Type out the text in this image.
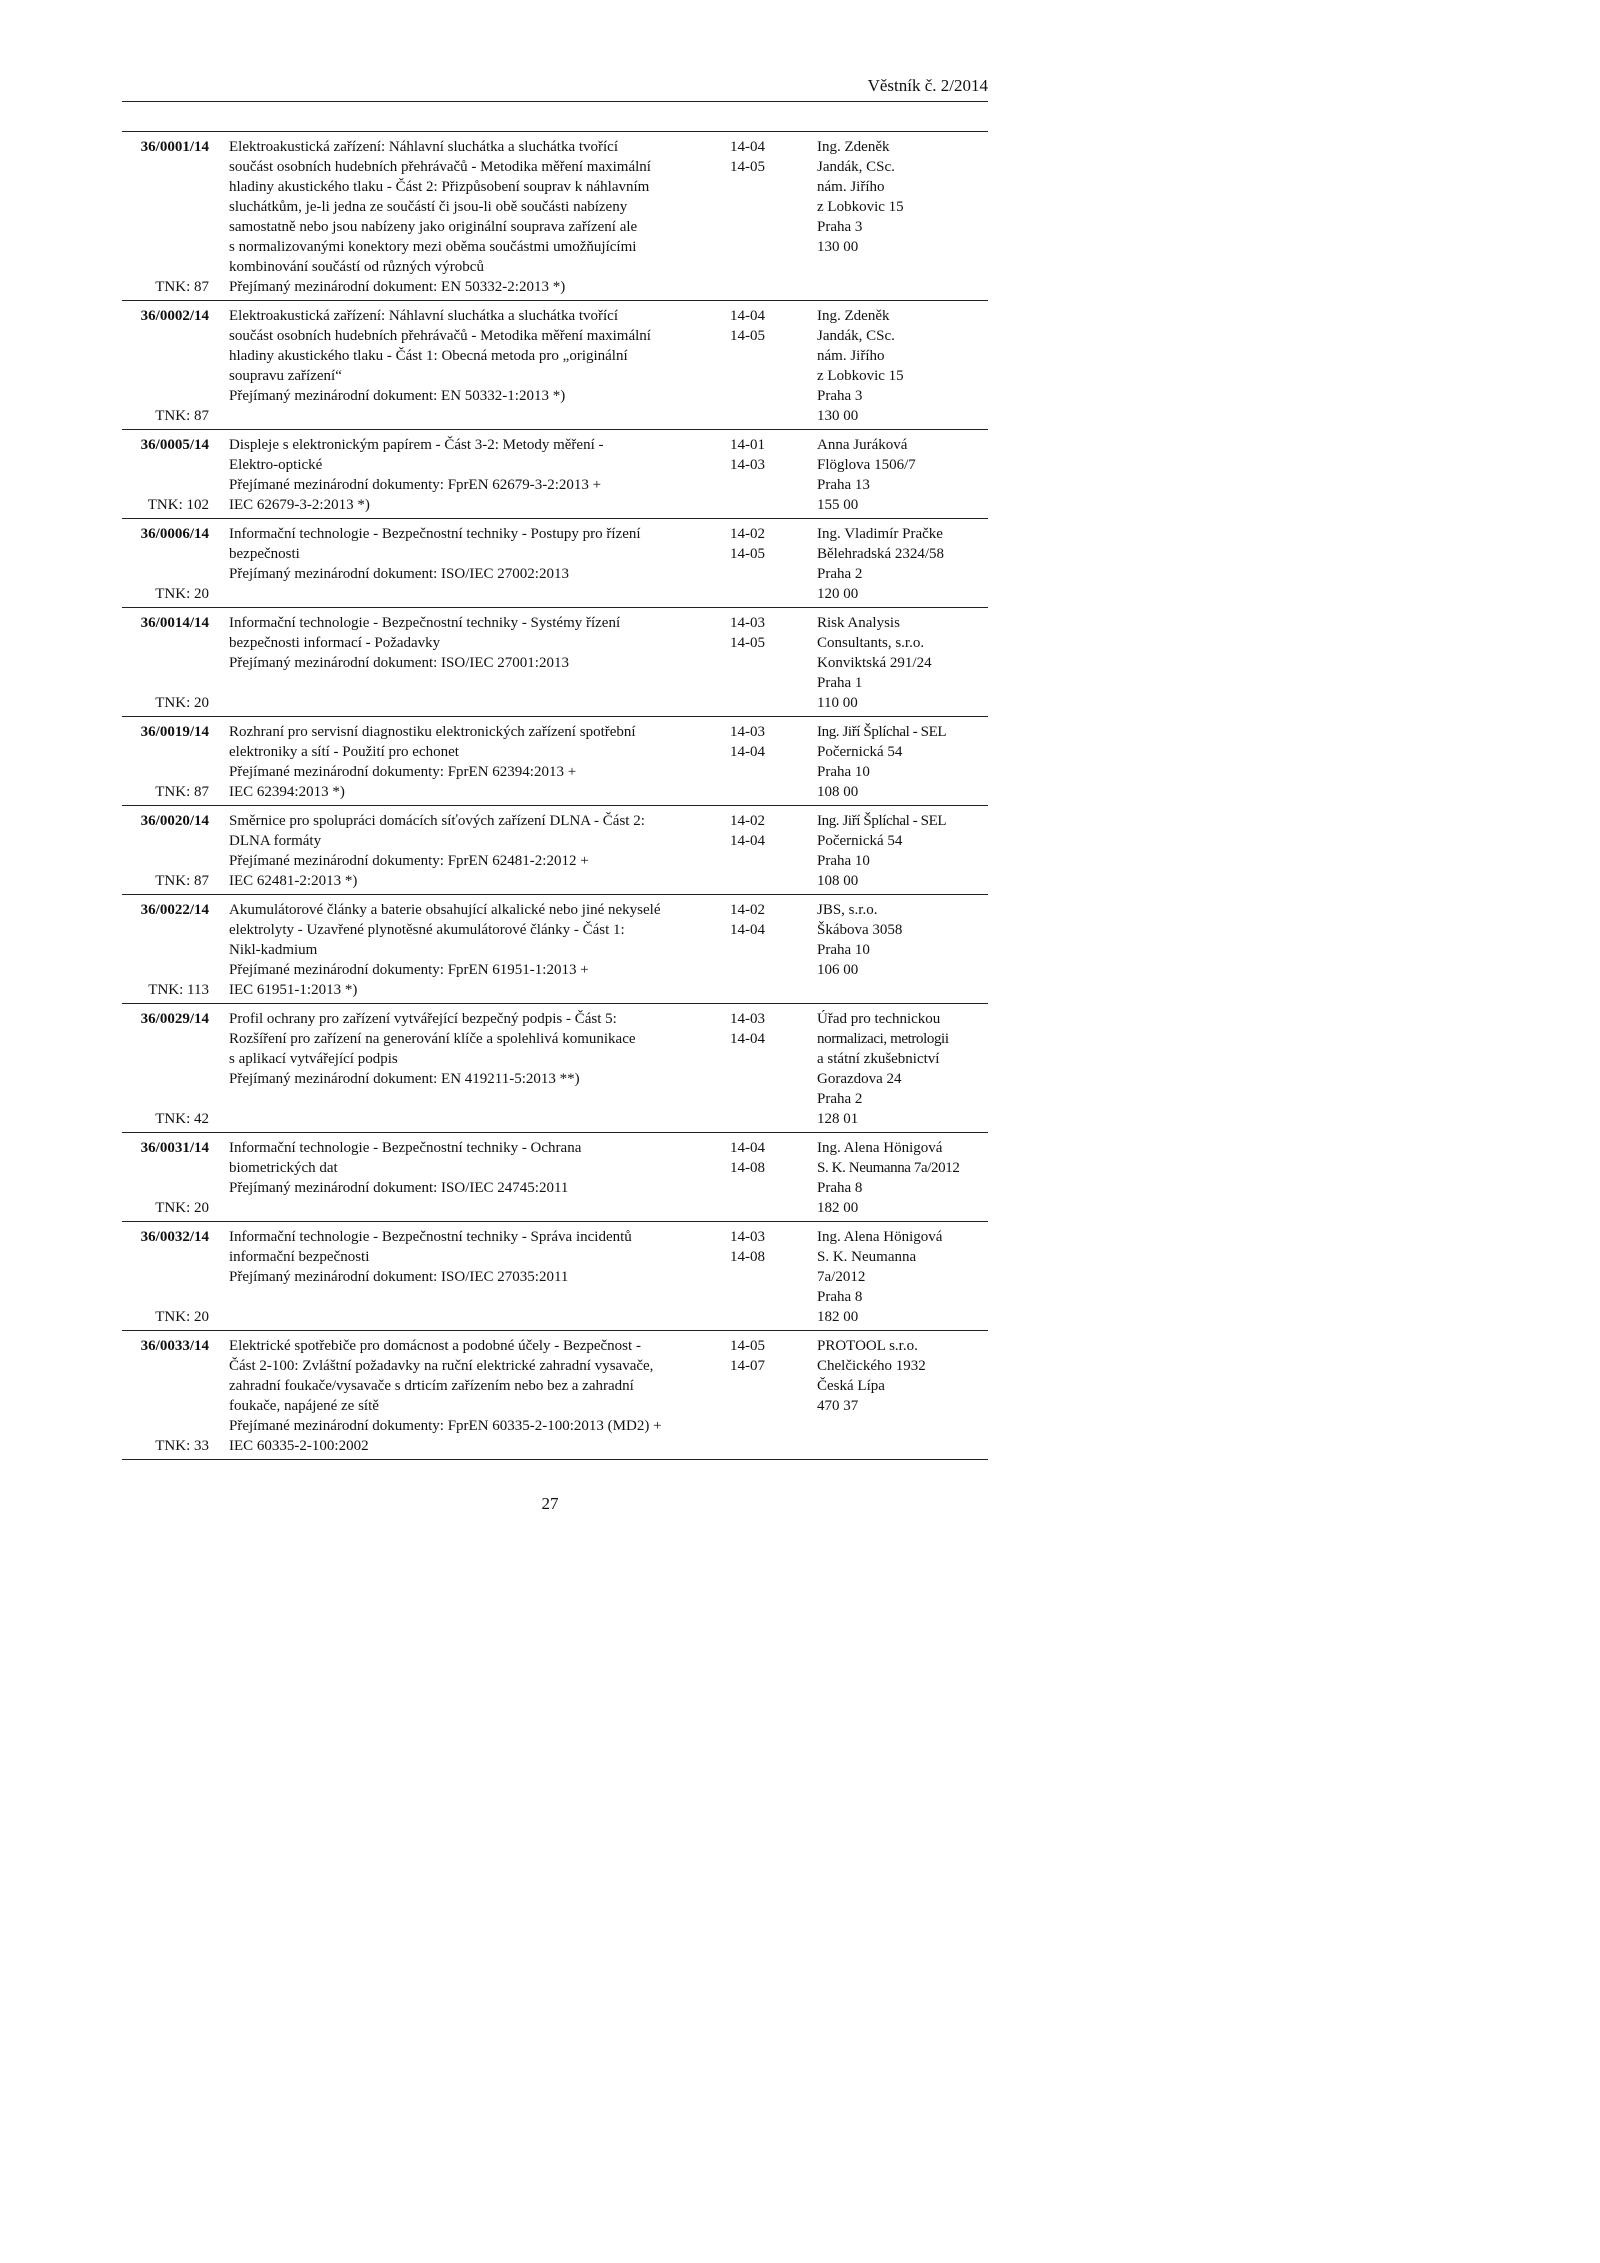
Věstník č. 2/2014
36/0001/14
TNK: 87
Elektroakustická zařízení: Náhlavní sluchátka a sluchátka tvořící
součást osobních hudebních přehrávačů - Metodika měření maximální
hladiny akustického tlaku - Část 2: Přizpůsobení souprav k náhlavním
sluchátkům, je-li jedna ze součástí či jsou-li obě součásti nabízeny
samostatně nebo jsou nabízeny jako originální souprava zařízení ale
s normalizovanými konektory mezi oběma součástmi umožňujícími
kombinování součástí od různých výrobců
Přejímaný mezinárodní dokument: EN 50332-2:2013 *)
14-04
14-05
Ing. Zdeněk
Jandák, CSc.
nám. Jiřího
z Lobkovic 15
Praha 3
130 00
36/0002/14
TNK: 87
Elektroakustická zařízení: Náhlavní sluchátka a sluchátka tvořící
součást osobních hudebních přehrávačů - Metodika měření maximální
hladiny akustického tlaku - Část 1: Obecná metoda pro „originální
soupravu zařízení“
Přejímaný mezinárodní dokument: EN 50332-1:2013 *)
14-04
14-05
Ing. Zdeněk
Jandák, CSc.
nám. Jiřího
z Lobkovic 15
Praha 3
130 00
36/0005/14
TNK: 102
Displeje s elektronickým papírem - Část 3-2: Metody měření -
Elektro-optické
Přejímané mezinárodní dokumenty: FprEN 62679-3-2:2013 +
IEC 62679-3-2:2013 *)
14-01
14-03
Anna Juráková
Flöglova 1506/7
Praha 13
155 00
36/0006/14
TNK: 20
Informační technologie - Bezpečnostní techniky - Postupy pro řízení
bezpečnosti
Přejímaný mezinárodní dokument: ISO/IEC 27002:2013
14-02
14-05
Ing. Vladimír Pračke
Bělehradská 2324/58
Praha 2
120 00
36/0014/14
TNK: 20
Informační technologie - Bezpečnostní techniky - Systémy řízení
bezpečnosti informací - Požadavky
Přejímaný mezinárodní dokument: ISO/IEC 27001:2013
14-03
14-05
Risk Analysis
Consultants, s.r.o.
Konviktská 291/24
Praha 1
110 00
36/0019/14
TNK: 87
Rozhraní pro servisní diagnostiku elektronických zařízení spotřební
elektroniky a sítí - Použití pro echonet
Přejímané mezinárodní dokumenty: FprEN 62394:2013 +
IEC 62394:2013 *)
14-03
14-04
Ing. Jiří Šplíchal - SEL
Počernická 54
Praha 10
108 00
36/0020/14
TNK: 87
Směrnice pro spolupráci domácích síťových zařízení DLNA - Část 2:
DLNA formáty
Přejímané mezinárodní dokumenty: FprEN 62481-2:2012 +
IEC 62481-2:2013 *)
14-02
14-04
Ing. Jiří Šplíchal - SEL
Počernická 54
Praha 10
108 00
36/0022/14
TNK: 113
Akumulátorové články a baterie obsahující alkalické nebo jiné nekyselé
elektrolyty - Uzavřené plynotěsné akumulátorové články - Část 1:
Nikl-kadmium
Přejímané mezinárodní dokumenty: FprEN 61951-1:2013 +
IEC 61951-1:2013 *)
14-02
14-04
JBS, s.r.o.
Škábova 3058
Praha 10
106 00
36/0029/14
TNK: 42
Profil ochrany pro zařízení vytvářející bezpečný podpis - Část 5:
Rozšíření pro zařízení na generování klíče a spolehlivá komunikace
s aplikací vytvářející podpis
Přejímaný mezinárodní dokument: EN 419211-5:2013 **)
14-03
14-04
Úřad pro technickou
normalizaci, metrologii
a státní zkušebnictví
Gorazdova 24
Praha 2
128 01
36/0031/14
TNK: 20
Informační technologie - Bezpečnostní techniky - Ochrana
biometrických dat
Přejímaný mezinárodní dokument: ISO/IEC 24745:2011
14-04
14-08
Ing. Alena Hönigová
S. K. Neumanna 7a/2012
Praha 8
182 00
36/0032/14
TNK: 20
Informační technologie - Bezpečnostní techniky - Správa incidentů
informační bezpečnosti
Přejímaný mezinárodní dokument: ISO/IEC 27035:2011
14-03
14-08
Ing. Alena Hönigová
S. K. Neumanna
7a/2012
Praha 8
182 00
36/0033/14
TNK: 33
Elektrické spotřebiče pro domácnost a podobné účely - Bezpečnost -
Část 2-100: Zvláštní požadavky na ruční elektrické zahradní vysavače,
zahradní foukače/vysavače s drticím zařízením nebo bez a zahradní
foukače, napájené ze sítě
Přejímané mezinárodní dokumenty: FprEN 60335-2-100:2013 (MD2) +
IEC 60335-2-100:2002
14-05
14-07
PROTOOL s.r.o.
Chelčického 1932
Česká Lípa
470 37
27
